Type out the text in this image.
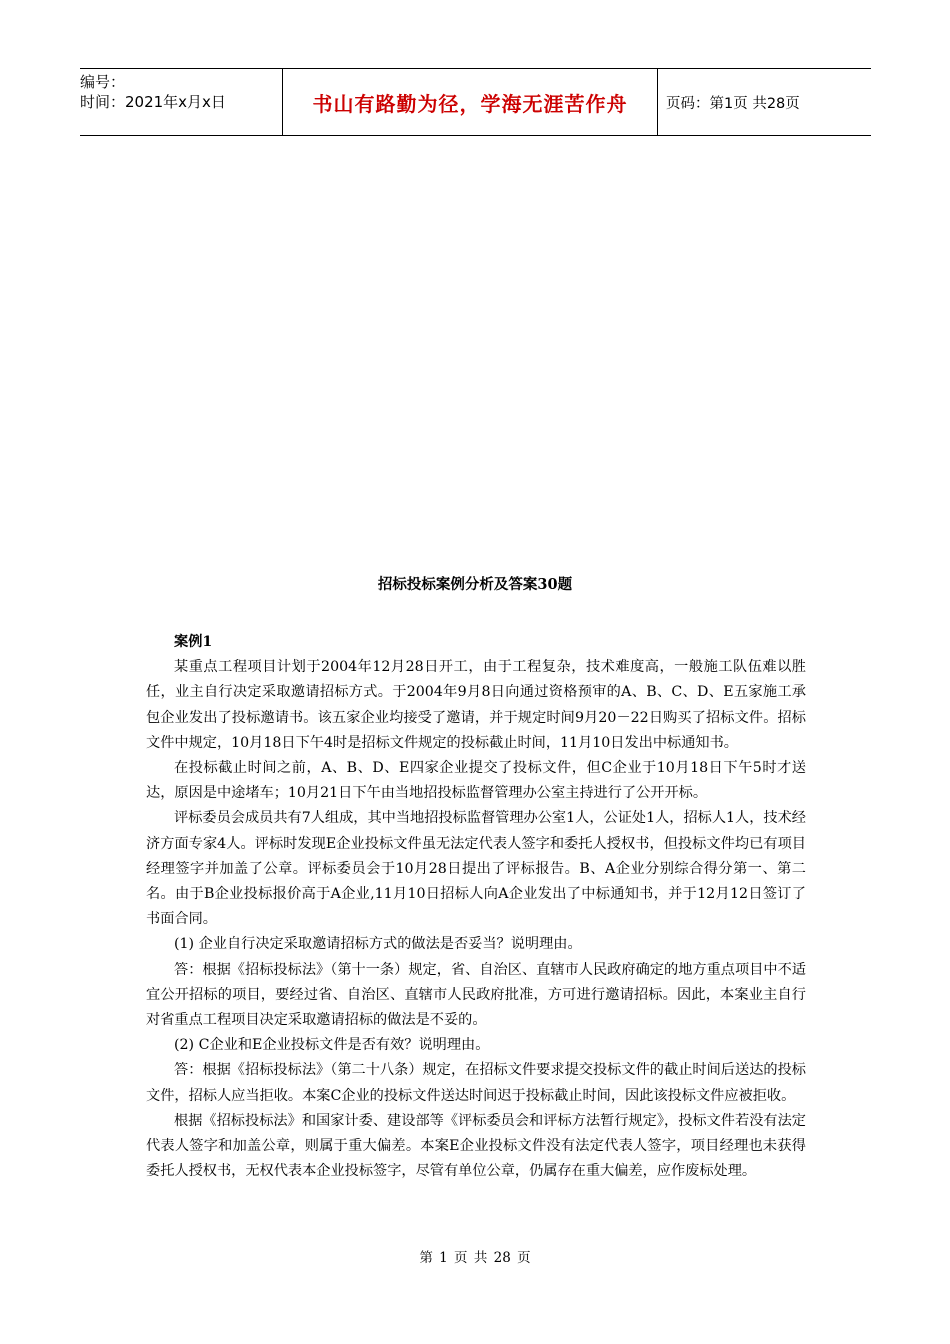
编号：
时间：2021年x月x日	书山有路勤为径，学海无涯苦作舟	页码：第1页 共28页
招标投标案例分析及答案30题

案例1

某重点工程项目计划于2004年12月28日开工，由于工程复杂，技术难度高，一般施工队伍难以胜任，业主自行决定采取邀请招标方式。于2004年9月8日向通过资格预审的A、B、C、D、E五家施工承包企业发出了投标邀请书。该五家企业均接受了邀请，并于规定时间9月20－22日购买了招标文件。招标文件中规定，10月18日下午4时是招标文件规定的投标截止时间，11月10日发出中标通知书。

在投标截止时间之前，A、B、D、E四家企业提交了投标文件，但C企业于10月18日下午5时才送达，原因是中途堵车；10月21日下午由当地招投标监督管理办公室主持进行了公开开标。

评标委员会成员共有7人组成，其中当地招投标监督管理办公室1人，公证处1人，招标人1人，技术经济方面专家4人。评标时发现E企业投标文件虽无法定代表人签字和委托人授权书，但投标文件均已有项目经理签字并加盖了公章。评标委员会于10月28日提出了评标报告。B、A企业分别综合得分第一、第二名。由于B企业投标报价高于A企业,11月10日招标人向A企业发出了中标通知书，并于12月12日签订了书面合同。

(1) 企业自行决定采取邀请招标方式的做法是否妥当？说明理由。

答：根据《招标投标法》（第十一条）规定，省、自治区、直辖市人民政府确定的地方重点项目中不适宜公开招标的项目，要经过省、自治区、直辖市人民政府批准，方可进行邀请招标。因此，本案业主自行对省重点工程项目决定采取邀请招标的做法是不妥的。

(2) C企业和E企业投标文件是否有效？说明理由。

答：根据《招标投标法》（第二十八条）规定，在招标文件要求提交投标文件的截止时间后送达的投标文件，招标人应当拒收。本案C企业的投标文件送达时间迟于投标截止时间，因此该投标文件应被拒收。

根据《招标投标法》和国家计委、建设部等《评标委员会和评标方法暂行规定》，投标文件若没有法定代表人签字和加盖公章，则属于重大偏差。本案E企业投标文件没有法定代表人签字，项目经理也未获得委托人授权书，无权代表本企业投标签字，尽管有单位公章，仍属存在重大偏差，应作废标处理。

第 1 页 共 28 页
